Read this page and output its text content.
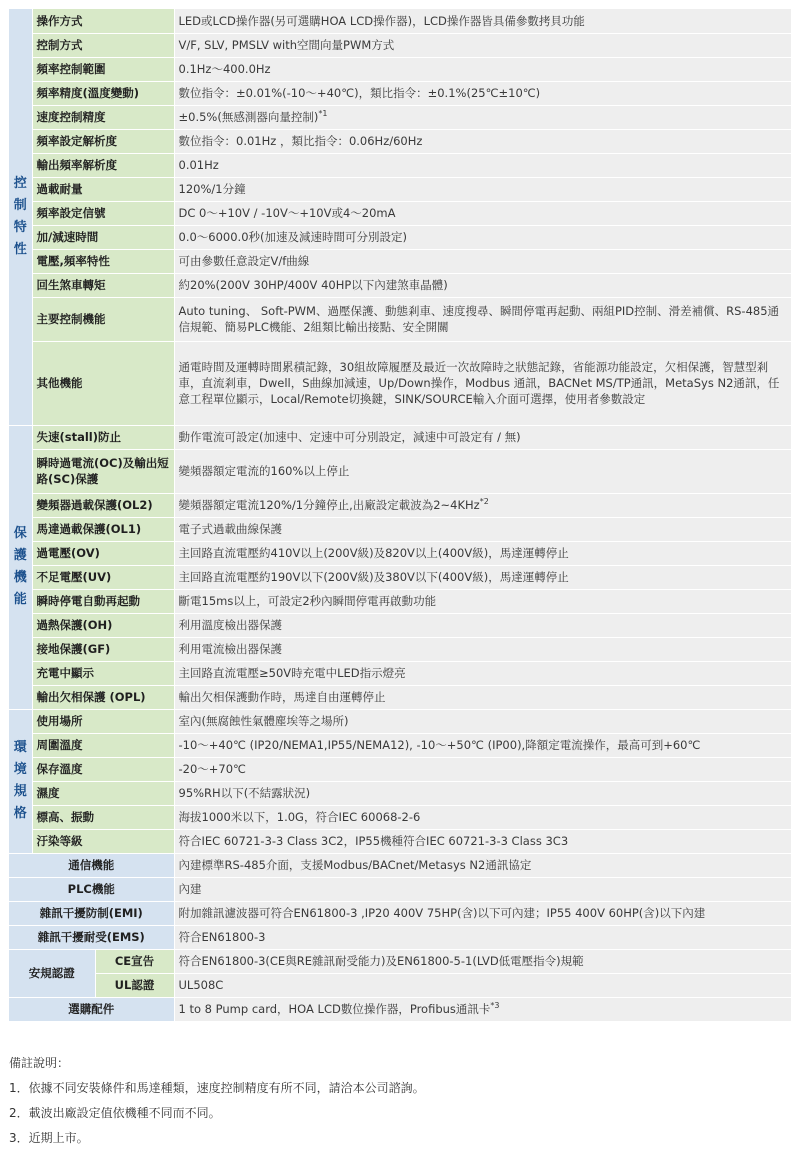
控
制
特
性	操作方式		LED或LCD操作器(另可選購HOA LCD操作器)，LCD操作器皆具備參數拷貝功能
	控制方式		V/F, SLV, PMSLV with空間向量PWM方式
	頻率控制範圍		0.1Hz～400.0Hz
	頻率精度(溫度變動)		數位指令：±0.01%(-10～+40℃)，類比指令：±0.1%(25℃±10℃)
	速度控制精度		±0.5%(無感測器向量控制)$^{*1}$
	頻率設定解析度		數位指令：0.01Hz ，類比指令：0.06Hz/60Hz
	輸出頻率解析度		0.01Hz
	過載耐量		120%/1分鐘
	頻率設定信號		DC 0～+10V / -10V～+10V或4～20mA
	加/減速時間		0.0～6000.0秒(加速及減速時間可分別設定)
	電壓,頻率特性		可由參數任意設定V/f曲線
	回生煞車轉矩		約20%(200V 30HP/400V 40HP以下內建煞車晶體)
	主要控制機能		Auto tuning、 Soft-PWM、過壓保護、動態剎車、速度搜尋、瞬間停電再起動、兩組PID控制、滑差補償、RS-485通信規範、簡易PLC機能、2組類比輸出接點、安全開關
	其他機能		通電時間及運轉時間累積記錄，30組故障履歷及最近一次故障時之狀態記錄，省能源功能設定，欠相保護，智慧型剎車，直流剎車，Dwell，S曲線加減速，Up/Down操作，Modbus 通訊，BACNet MS/TP通訊，MetaSys N2通訊，任意工程單位顯示，Local/Remote切換鍵，SINK/SOURCE輸入介面可選擇，使用者參數設定
保
護
機
能	失速(stall)防止		動作電流可設定(加速中、定速中可分別設定，減速中可設定有 / 無)
	瞬時過電流(OC)及輸出短路(SC)保護		變頻器額定電流的160%以上停止
	變頻器過載保護(OL2)		變頻器額定電流120%/1分鐘停止,出廠設定載波為2~4KHz$^{*2}$
	馬達過載保護(OL1)		電子式過載曲線保護
	過電壓(OV)		主回路直流電壓約410V以上(200V級)及820V以上(400V級)，馬達運轉停止
	不足電壓(UV)		主回路直流電壓約190V以下(200V級)及380V以下(400V級)，馬達運轉停止
	瞬時停電自動再起動		斷電15ms以上，可設定2秒內瞬間停電再啟動功能
	過熱保護(OH)		利用溫度檢出器保護
	接地保護(GF)		利用電流檢出器保護
	充電中顯示		主回路直流電壓≥50V時充電中LED指示燈亮
	輸出欠相保護 (OPL)		輸出欠相保護動作時，馬達自由運轉停止
環
境
規
格	使用場所		室內(無腐蝕性氣體塵埃等之場所)
	周圍溫度		-10～+40℃ (IP20/NEMA1,IP55/NEMA12), -10～+50℃ (IP00),降額定電流操作，最高可到+60℃
	保存溫度		-20～+70℃
	濕度		95%RH以下(不結露狀況)
	標高、振動		海拔1000米以下，1.0G，符合IEC 60068-2-6
	汙染等級		符合IEC 60721-3-3 Class 3C2，IP55機種符合IEC 60721-3-3 Class 3C3
通信機能			內建標準RS-485介面，支援Modbus/BACnet/Metasys N2通訊協定
PLC機能			內建
雜訊干擾防制(EMI)			附加雜訊濾波器可符合EN61800-3 ,IP20 400V 75HP(含)以下可內建；IP55 400V 60HP(含)以下內建
雜訊干擾耐受(EMS)			符合EN61800-3
安規認證		CE宣告	符合EN61800-3(CE與RE雜訊耐受能力)及EN61800-5-1(LVD低電壓指令)規範
		UL認證	UL508C
選購配件			1 to 8 Pump card，HOA LCD數位操作器，Profibus通訊卡$^{*3}$
備註說明：
1．依據不同安裝條件和馬達種類，速度控制精度有所不同，請洽本公司諮詢。
2．載波出廠設定值依機種不同而不同。
3．近期上市。
